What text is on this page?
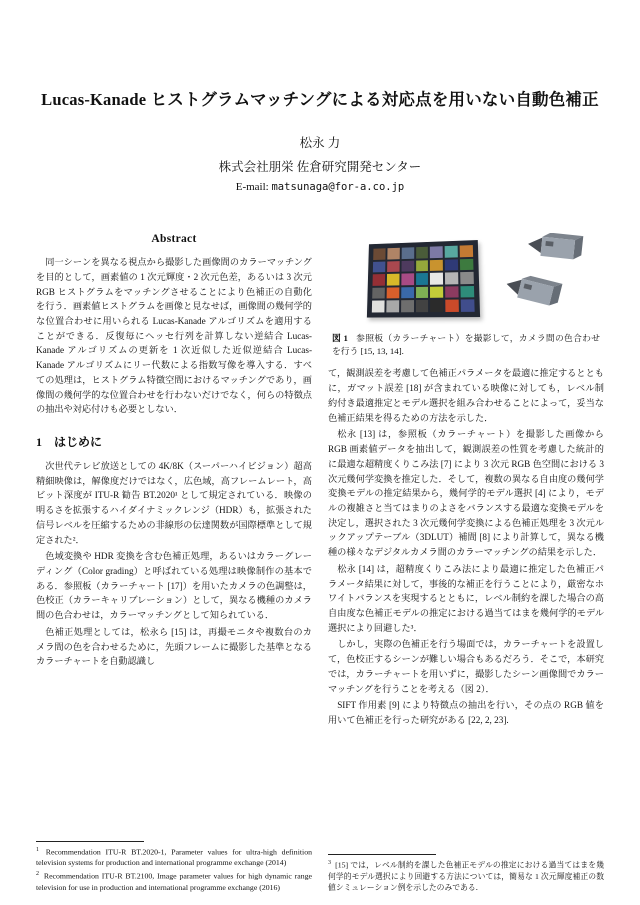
Lucas-Kanade ヒストグラムマッチングによる対応点を用いない自動色補正
松永 力
株式会社朋栄 佐倉研究開発センター
E-mail: matsunaga@for-a.co.jp
Abstract

同一シーンを異なる視点から撮影した画像間のカラーマッチングを目的として，画素値の 1 次元輝度・2 次元色差，あるいは 3 次元 RGB ヒストグラムをマッチングさせることにより色補正の自動化を行う．画素値ヒストグラムを画像と見なせば，画像間の幾何学的な位置合わせに用いられる Lucas-Kanade アルゴリズムを適用することができる．反復毎にヘッセ行列を計算しない逆結合 Lucas-Kanade アルゴリズムの更新を 1 次近似した近似逆結合 Lucas-Kanade アルゴリズムにリー代数による指数写像を導入する．すべての処理は，ヒストグラム特徴空間におけるマッチングであり，画像間の幾何学的な位置合わせを行わないだけでなく，何らの特徴点の抽出や対応付けも必要としない．

1 はじめに

次世代テレビ放送としての 4K/8K（スーパーハイビジョン）超高精細映像は，解像度だけではなく，広色域，高フレームレート，高ビット深度が ITU-R 勧告 BT.2020¹ として規定されている．映像の明るさを拡張するハイダイナミックレンジ（HDR）も，拡張された信号レベルを圧縮するための非線形の伝達関数が国際標準として規定された²．

色域変換や HDR 変換を含む色補正処理，あるいはカラーグレーディング（Color grading）と呼ばれている処理は映像制作の基本である．参照板（カラーチャート [17]）を用いたカメラの色調整は，色校正（カラーキャリブレーション）として，異なる機種のカメラ間の色合わせは，カラーマッチングとして知られている．

色補正処理としては，松永ら [15] は，再撮モニタや複数台のカメラ間の色を合わせるために，先頭フレームに撮影した基準となるカラーチャートを自動認識し

$^1$ Recommendation ITU-R BT.2020-1, Parameter values for ultra-high definition television systems for production and international programme exchange (2014)

$^2$ Recommendation ITU-R BT.2100, Image parameter values for high dynamic range television for use in production and international programme exchange (2016)

図 1 参照板（カラーチャート）を撮影して，カメラ間の色合わせを行う [15, 13, 14].

て，観測誤差を考慮して色補正パラメータを最適に推定するとともに，ガマット誤差 [18] が含まれている映像に対しても，レベル制約付き最適推定とモデル選択を組み合わせることによって，妥当な色補正結果を得るための方法を示した．

松永 [13] は，参照板（カラーチャート）を撮影した画像から RGB 画素値データを抽出して，観測誤差の性質を考慮した統計的に最適な超精度くりこみ法 [7] により 3 次元 RGB 色空間における 3 次元幾何学変換を推定した．そして，複数の異なる自由度の幾何学変換モデルの推定結果から，幾何学的モデル選択 [4] により，モデルの複雑さと当てはまりのよさをバランスする最適な変換モデルを決定し，選択された 3 次元幾何学変換による色補正処理を 3 次元ルックアップテーブル（3DLUT）補間 [8] により計算して，異なる機種の様々なデジタルカメラ間のカラーマッチングの結果を示した．

松永 [14] は，超精度くりこみ法により最適に推定した色補正パラメータ結果に対して，事後的な補正を行うことにより，厳密なホワイトバランスを実現するとともに，レベル制約を課した場合の高自由度な色補正モデルの推定における過当てはまを幾何学的モデル選択により回避した³．

しかし，実際の色補正を行う場面では，カラーチャートを設置して，色校正するシーンが難しい場合もあるだろう．そこで，本研究では，カラーチャートを用いずに，撮影したシーン画像間でカラーマッチングを行うことを考える（図 2）．

SIFT 作用素 [9] により特徴点の抽出を行い，その点の RGB 値を用いて色補正を行った研究がある [22, 2, 23].

$^3$ [15] では，レベル制約を課した色補正モデルの推定における過当てはまを幾何学的モデル選択により回避する方法については，簡易な 1 次元輝度補正の数値シミュレーション例を示したのみである．
